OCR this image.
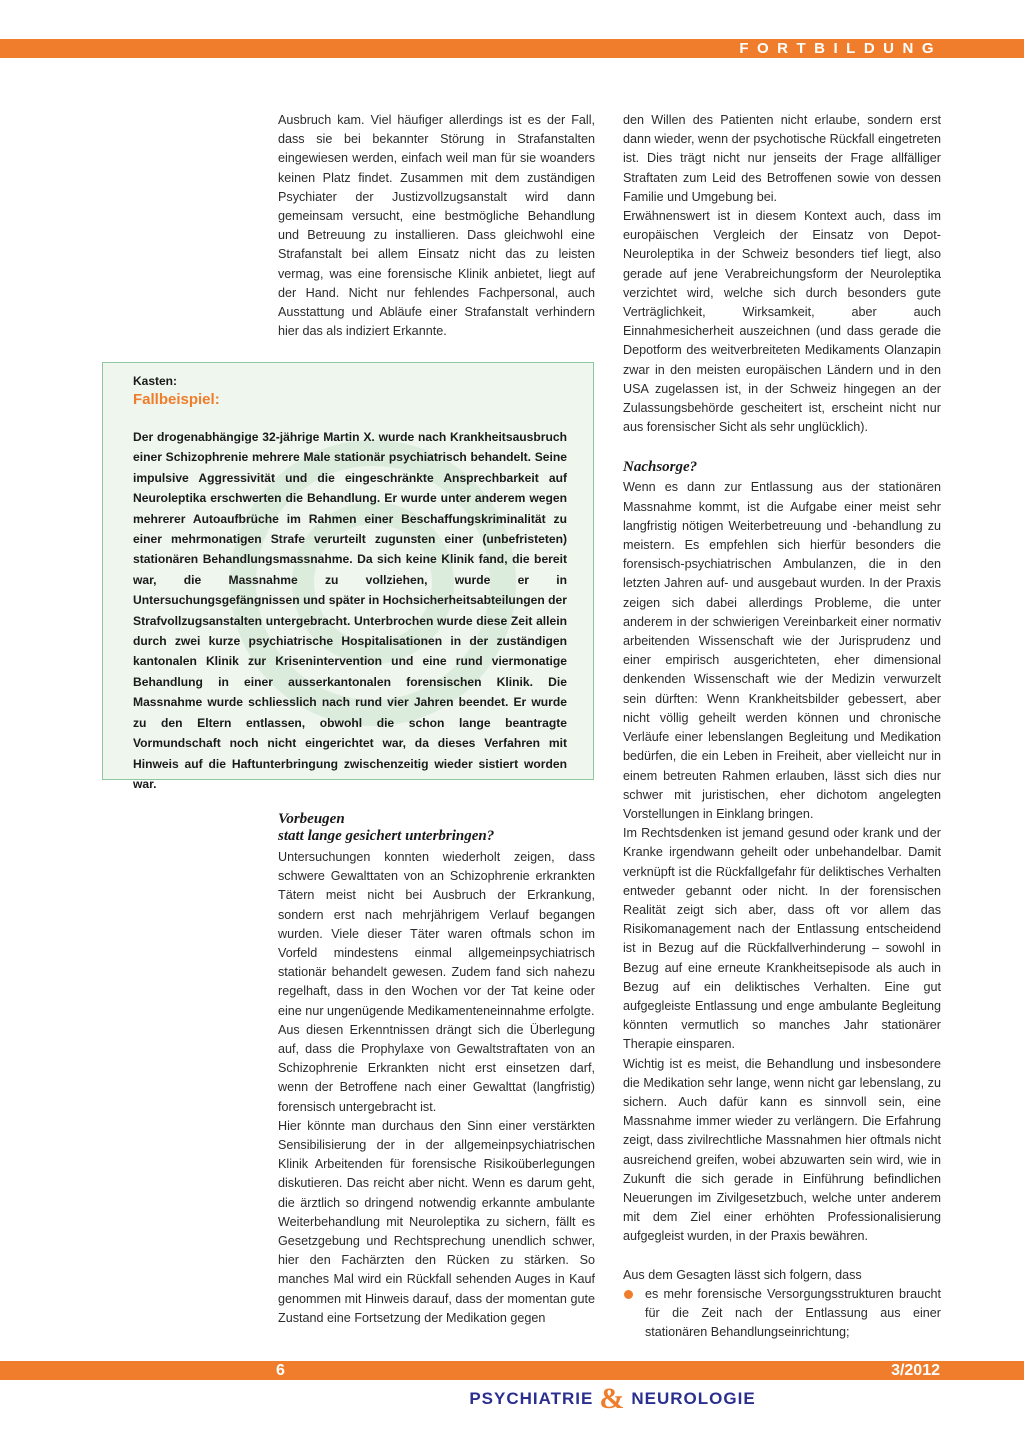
FORTBILDUNG

Ausbruch kam. Viel häufiger allerdings ist es der Fall, dass sie bei bekannter Störung in Strafanstalten eingewiesen werden, einfach weil man für sie woanders keinen Platz findet. Zusammen mit dem zuständigen Psychiater der Justizvollzugsanstalt wird dann gemeinsam versucht, eine bestmögliche Behandlung und Betreuung zu installieren. Dass gleichwohl eine Strafanstalt bei allem Einsatz nicht das zu leisten vermag, was eine forensische Klinik anbietet, liegt auf der Hand. Nicht nur fehlendes Fachpersonal, auch Ausstattung und Abläufe einer Strafanstalt verhindern hier das als indiziert Erkannte.

Kasten:
Fallbeispiel:
Der drogenabhängige 32-jährige Martin X. wurde nach Krankheitsausbruch einer Schizophrenie mehrere Male stationär psychiatrisch behandelt. Seine impulsive Aggressivität und die eingeschränkte Ansprechbarkeit auf Neuroleptika erschwerten die Behandlung. Er wurde unter anderem wegen mehrerer Autoaufbrüche im Rahmen einer Beschaffungskriminalität zu einer mehrmonatigen Strafe verurteilt zugunsten einer (unbefristeten) stationären Behandlungsmassnahme. Da sich keine Klinik fand, die bereit war, die Massnahme zu vollziehen, wurde er in Untersuchungsgefängnissen und später in Hochsicherheitsabteilungen der Strafvollzugsanstalten untergebracht. Unterbrochen wurde diese Zeit allein durch zwei kurze psychiatrische Hospitalisationen in der zuständigen kantonalen Klinik zur Krisenintervention und eine rund viermonatige Behandlung in einer ausserkantonalen forensischen Klinik. Die Massnahme wurde schliesslich nach rund vier Jahren beendet. Er wurde zu den Eltern entlassen, obwohl die schon lange beantragte Vormundschaft noch nicht eingerichtet war, da dieses Verfahren mit Hinweis auf die Haftunterbringung zwischenzeitig wieder sistiert worden war.
Vorbeugen
statt lange gesichert unterbringen?

Untersuchungen konnten wiederholt zeigen, dass schwere Gewalttaten von an Schizophrenie erkrankten Tätern meist nicht bei Ausbruch der Erkrankung, sondern erst nach mehrjährigem Verlauf begangen wurden. Viele dieser Täter waren oftmals schon im Vorfeld mindestens einmal allgemeinpsychiatrisch stationär behandelt gewesen. Zudem fand sich nahezu regelhaft, dass in den Wochen vor der Tat keine oder eine nur ungenügende Medikamenteneinnahme erfolgte.

Aus diesen Erkenntnissen drängt sich die Überlegung auf, dass die Prophylaxe von Gewaltstraftaten von an Schizophrenie Erkrankten nicht erst einsetzen darf, wenn der Betroffene nach einer Gewalttat (langfristig) forensisch untergebracht ist.

Hier könnte man durchaus den Sinn einer verstärkten Sensibilisierung der in der allgemeinpsychiatrischen Klinik Arbeitenden für forensische Risikoüberlegungen diskutieren. Das reicht aber nicht. Wenn es darum geht, die ärztlich so dringend notwendig erkannte ambulante Weiterbehandlung mit Neuroleptika zu sichern, fällt es Gesetzgebung und Rechtsprechung unendlich schwer, hier den Fachärzten den Rücken zu stärken. So manches Mal wird ein Rückfall sehenden Auges in Kauf genommen mit Hinweis darauf, dass der momentan gute Zustand eine Fortsetzung der Medikation gegen

den Willen des Patienten nicht erlaube, sondern erst dann wieder, wenn der psychotische Rückfall eingetreten ist. Dies trägt nicht nur jenseits der Frage allfälliger Straftaten zum Leid des Betroffenen sowie von dessen Familie und Umgebung bei.

Erwähnenswert ist in diesem Kontext auch, dass im europäischen Vergleich der Einsatz von Depot-Neuroleptika in der Schweiz besonders tief liegt, also gerade auf jene Verabreichungsform der Neuroleptika verzichtet wird, welche sich durch besonders gute Verträglichkeit, Wirksamkeit, aber auch Einnahmesicherheit auszeichnen (und dass gerade die Depotform des weitverbreiteten Medikaments Olanzapin zwar in den meisten europäischen Ländern und in den USA zugelassen ist, in der Schweiz hingegen an der Zulassungsbehörde gescheitert ist, erscheint nicht nur aus forensischer Sicht als sehr unglücklich).

Nachsorge?

Wenn es dann zur Entlassung aus der stationären Massnahme kommt, ist die Aufgabe einer meist sehr langfristig nötigen Weiterbetreuung und -behandlung zu meistern. Es empfehlen sich hierfür besonders die forensisch-psychiatrischen Ambulanzen, die in den letzten Jahren auf- und ausgebaut wurden. In der Praxis zeigen sich dabei allerdings Probleme, die unter anderem in der schwierigen Vereinbarkeit einer normativ arbeitenden Wissenschaft wie der Jurisprudenz und einer empirisch ausgerichteten, eher dimensional denkenden Wissenschaft wie der Medizin verwurzelt sein dürften: Wenn Krankheitsbilder gebessert, aber nicht völlig geheilt werden können und chronische Verläufe einer lebenslangen Begleitung und Medikation bedürfen, die ein Leben in Freiheit, aber vielleicht nur in einem betreuten Rahmen erlauben, lässt sich dies nur schwer mit juristischen, eher dichotom angelegten Vorstellungen in Einklang bringen.

Im Rechtsdenken ist jemand gesund oder krank und der Kranke irgendwann geheilt oder unbehandelbar. Damit verknüpft ist die Rückfallgefahr für deliktisches Verhalten entweder gebannt oder nicht. In der forensischen Realität zeigt sich aber, dass oft vor allem das Risikomanagement nach der Entlassung entscheidend ist in Bezug auf die Rückfallverhinderung – sowohl in Bezug auf eine erneute Krankheitsepisode als auch in Bezug auf ein deliktisches Verhalten. Eine gut aufgegleiste Entlassung und enge ambulante Begleitung könnten vermutlich so manches Jahr stationärer Therapie einsparen.

Wichtig ist es meist, die Behandlung und insbesondere die Medikation sehr lange, wenn nicht gar lebenslang, zu sichern. Auch dafür kann es sinnvoll sein, eine Massnahme immer wieder zu verlängern. Die Erfahrung zeigt, dass zivilrechtliche Massnahmen hier oftmals nicht ausreichend greifen, wobei abzuwarten sein wird, wie in Zukunft die sich gerade in Einführung befindlichen Neuerungen im Zivilgesetzbuch, welche unter anderem mit dem Ziel einer erhöhten Professionalisierung aufgegleist wurden, in der Praxis bewähren.

Aus dem Gesagten lässt sich folgern, dass

es mehr forensische Versorgungsstrukturen braucht für die Zeit nach der Entlassung aus einer stationären Behandlungseinrichtung;
6	3/2012
PSYCHIATRIE & NEUROLOGIE
